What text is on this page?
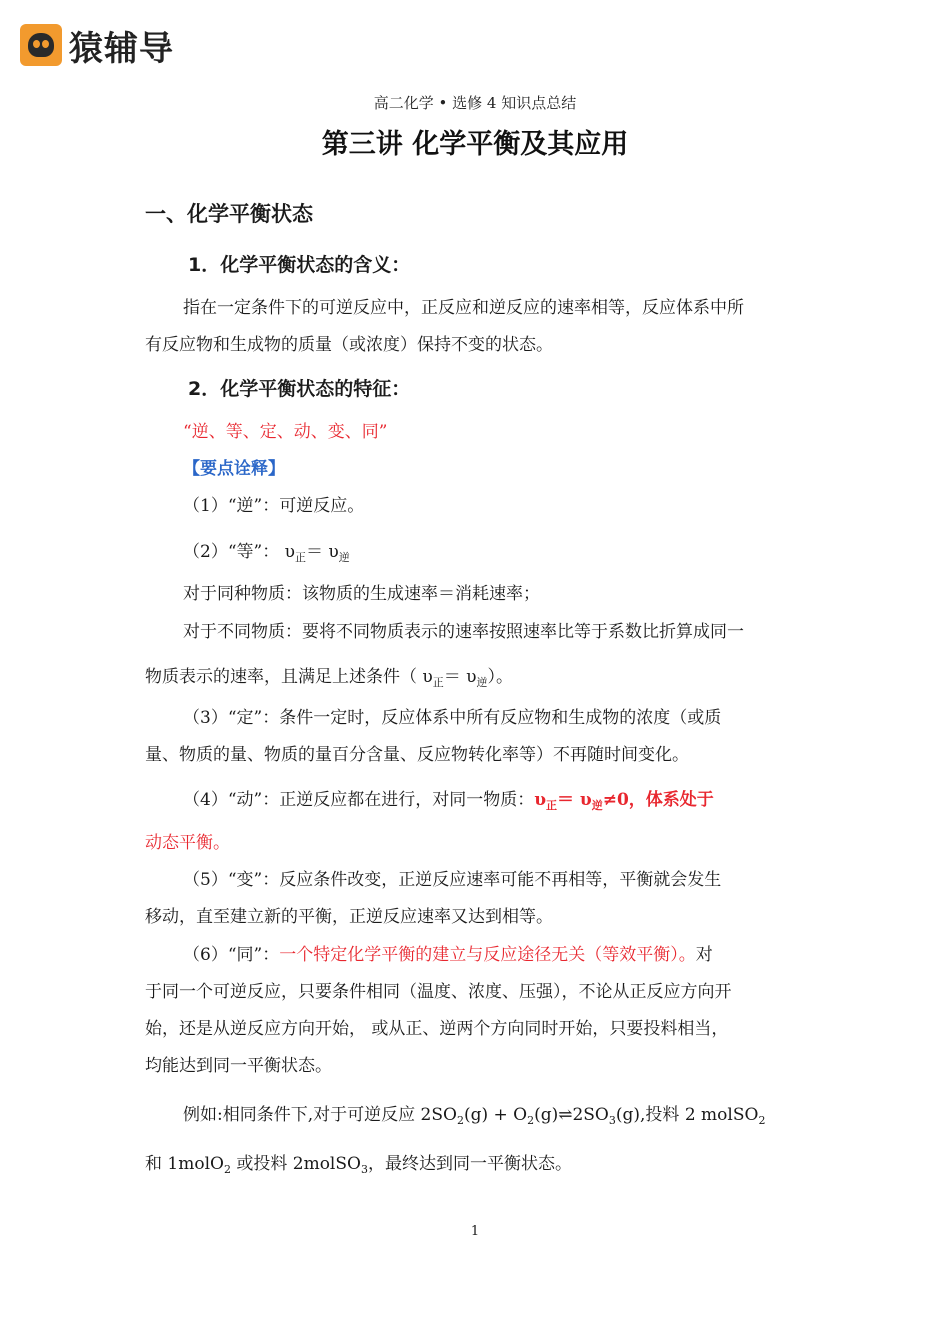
猿辅导
高二化学 • 选修 4 知识点总结
第三讲 化学平衡及其应用
一、化学平衡状态
1．化学平衡状态的含义：
指在一定条件下的可逆反应中，正反应和逆反应的速率相等，反应体系中所
有反应物和生成物的质量（或浓度）保持不变的状态。
2．化学平衡状态的特征：
“逆、等、定、动、变、同”
【要点诠释】
（1）“逆”：可逆反应。
（2）“等”： $\upsilon_正= \upsilon_逆$
对于同种物质：该物质的生成速率＝消耗速率；
对于不同物质：要将不同物质表示的速率按照速率比等于系数比折算成同一
物质表示的速率，且满足上述条件（ $\upsilon_正= \upsilon_逆$）。
（3）“定”：条件一定时，反应体系中所有反应物和生成物的浓度（或质
量、物质的量、物质的量百分含量、反应物转化率等）不再随时间变化。
（4）“动”：正逆反应都在进行，对同一物质：$\upsilon_正= \upsilon_逆\ne 0$，体系处于
动态平衡。
（5）“变”：反应条件改变，正逆反应速率可能不再相等，平衡就会发生
移动，直至建立新的平衡，正逆反应速率又达到相等。
（6）“同”：一个特定化学平衡的建立与反应途径无关（等效平衡）。对
于同一个可逆反应，只要条件相同（温度、浓度、压强），不论从正反应方向开
始，还是从逆反应方向开始， 或从正、逆两个方向同时开始，只要投料相当，
均能达到同一平衡状态。
例如:相同条件下,对于可逆反应 $2SO_2(g)$ + $O_2(g)\rightleftharpoons 2SO_3(g)$,投料 2 molSO$_2$
和 1molO$_2$ 或投料 2molSO$_3$，最终达到同一平衡状态。
1
